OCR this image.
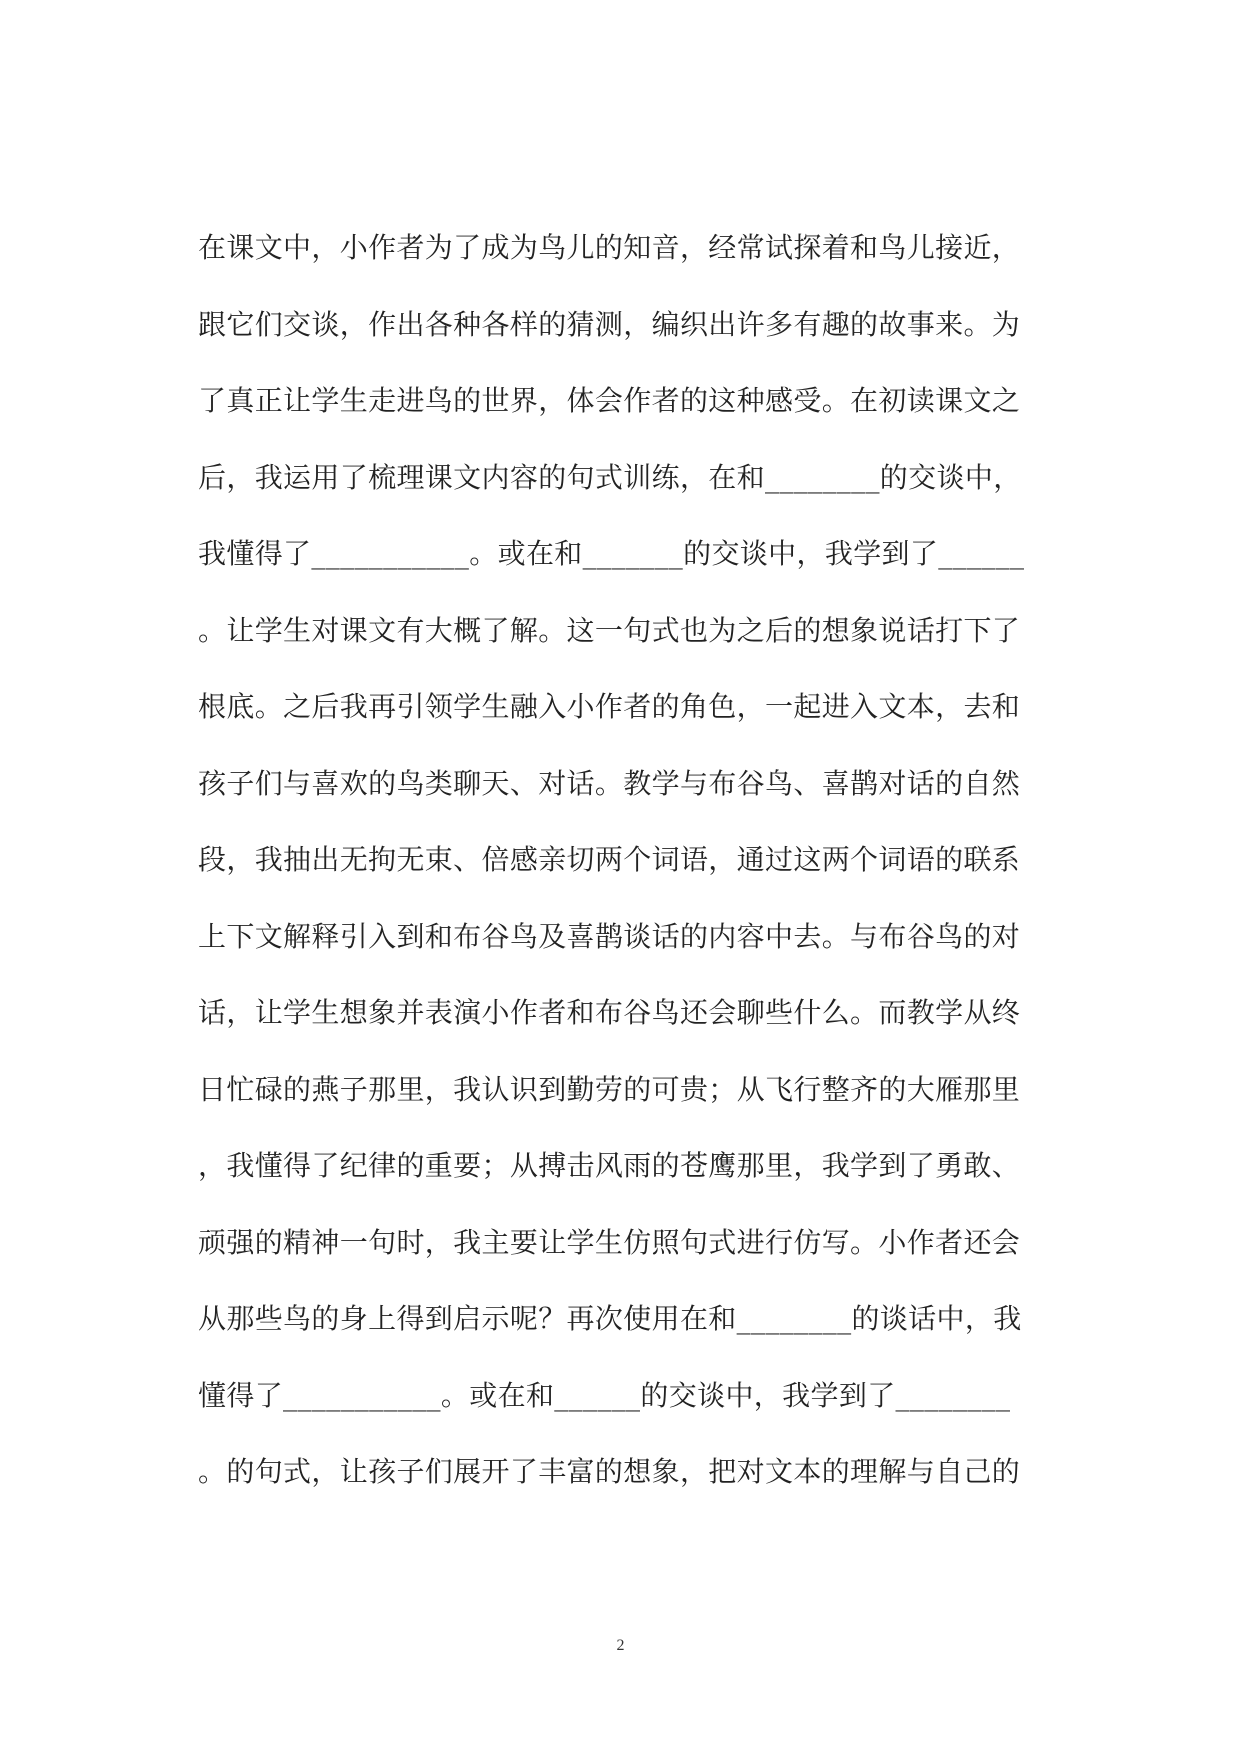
在课文中，小作者为了成为鸟儿的知音，经常试探着和鸟儿接近，
跟它们交谈，作出各种各样的猜测，编织出许多有趣的故事来。为
了真正让学生走进鸟的世界，体会作者的这种感受。在初读课文之
后，我运用了梳理课文内容的句式训练，在和________的交谈中，
我懂得了___________。或在和_______的交谈中，我学到了______
。让学生对课文有大概了解。这一句式也为之后的想象说话打下了
根底。之后我再引领学生融入小作者的角色，一起进入文本，去和
孩子们与喜欢的鸟类聊天、对话。教学与布谷鸟、喜鹊对话的自然
段，我抽出无拘无束、倍感亲切两个词语，通过这两个词语的联系
上下文解释引入到和布谷鸟及喜鹊谈话的内容中去。与布谷鸟的对
话，让学生想象并表演小作者和布谷鸟还会聊些什么。而教学从终
日忙碌的燕子那里，我认识到勤劳的可贵；从飞行整齐的大雁那里
，我懂得了纪律的重要；从搏击风雨的苍鹰那里，我学到了勇敢、
顽强的精神一句时，我主要让学生仿照句式进行仿写。小作者还会
从那些鸟的身上得到启示呢？再次使用在和________的谈话中，我
懂得了___________。或在和______的交谈中，我学到了________
。的句式，让孩子们展开了丰富的想象，把对文本的理解与自己的
2
